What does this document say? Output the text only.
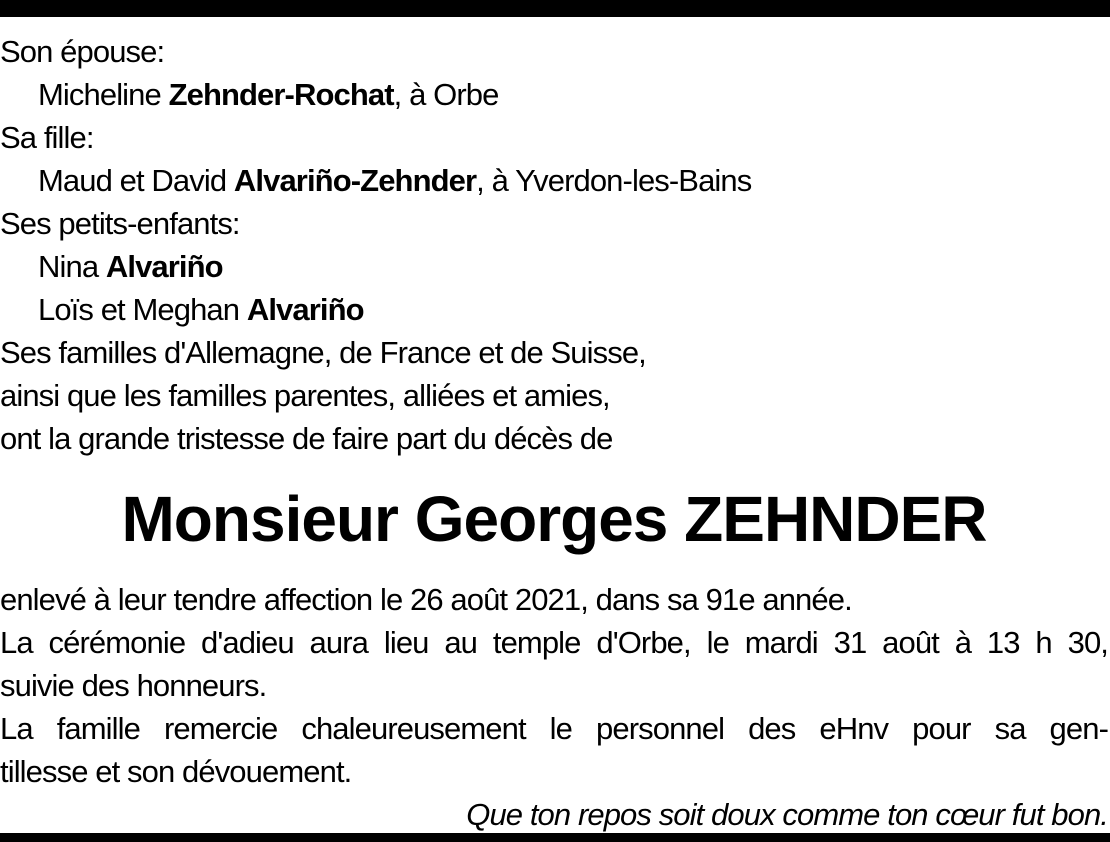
Son épouse:
Micheline Zehnder-Rochat, à Orbe
Sa fille:
Maud et David Alvariño-Zehnder, à Yverdon-les-Bains
Ses petits-enfants:
Nina Alvariño
Loïs et Meghan Alvariño
Ses familles d'Allemagne, de France et de Suisse,
ainsi que les familles parentes, alliées et amies,
ont la grande tristesse de faire part du décès de
Monsieur Georges ZEHNDER
enlevé à leur tendre affection le 26 août 2021, dans sa 91e année.
La cérémonie d'adieu aura lieu au temple d'Orbe, le mardi 31 août à 13 h 30,
suivie des honneurs.
La famille remercie chaleureusement le personnel des eHnv pour sa gen-
tillesse et son dévouement.
Que ton repos soit doux comme ton cœur fut bon.
